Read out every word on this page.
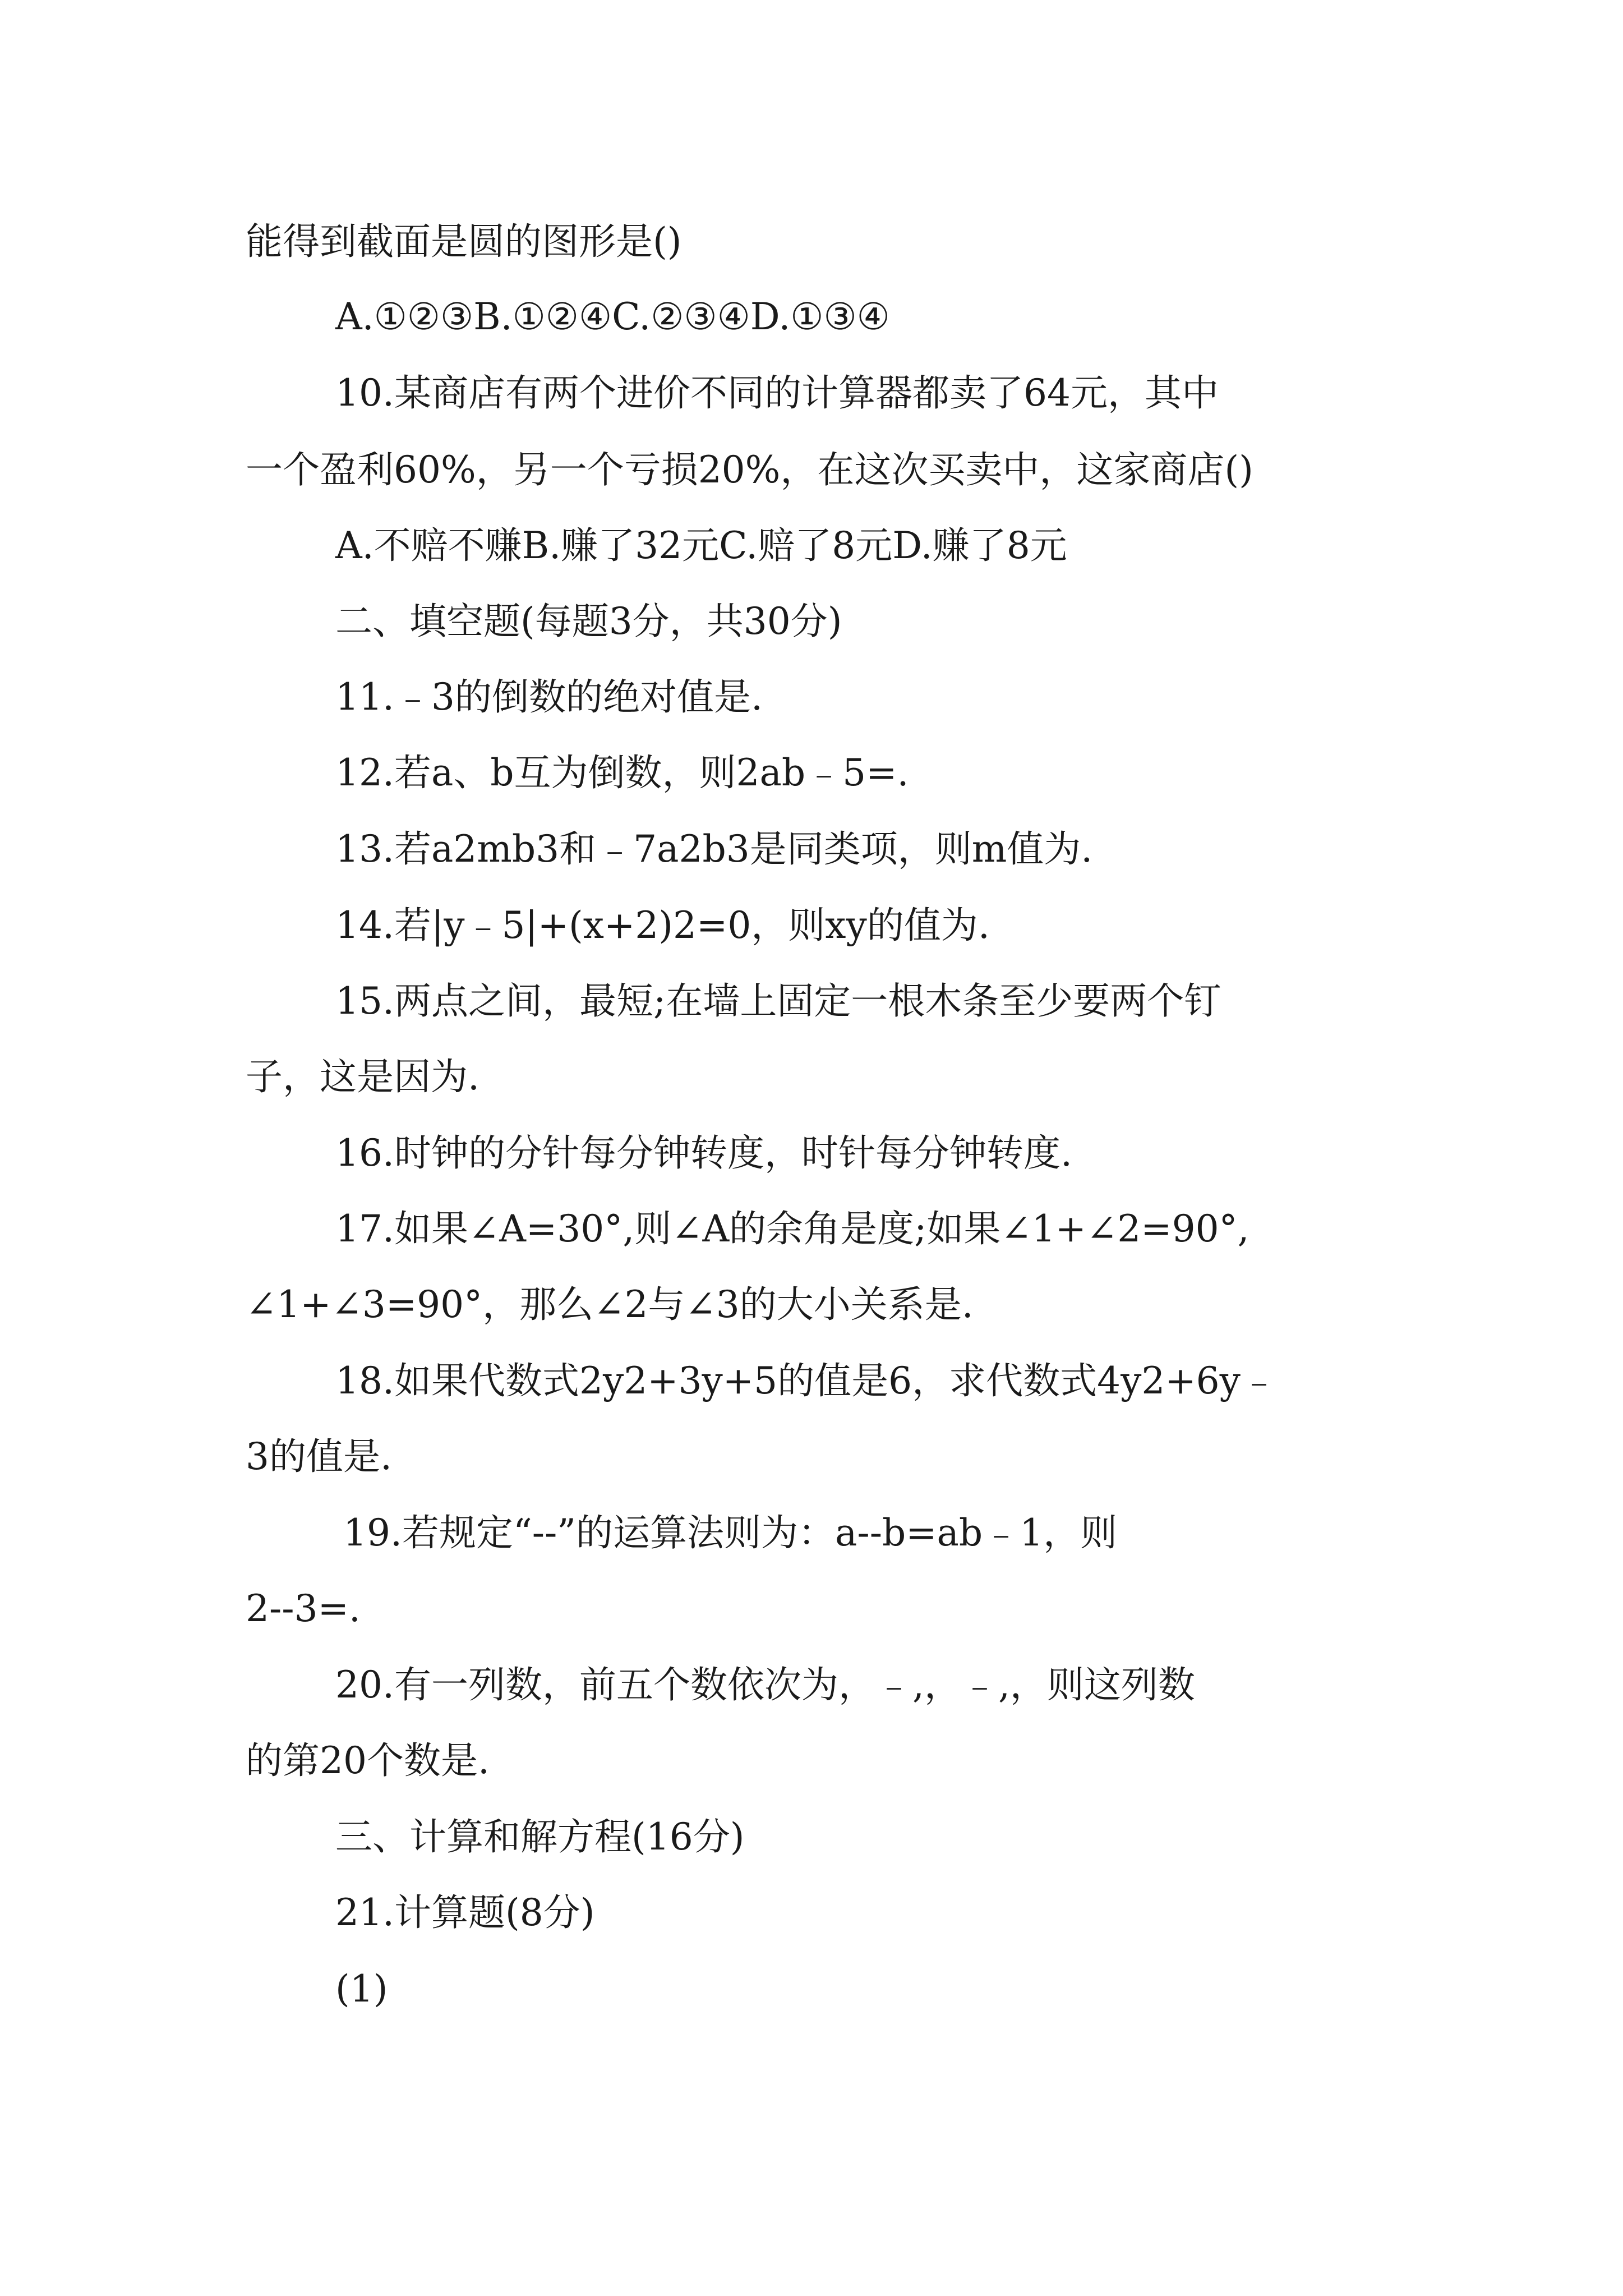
能得到截面是圆的图形是()
A.①②③B.①②④C.②③④D.①③④
10.某商店有两个进价不同的计算器都卖了64元，其中
一个盈利60%，另一个亏损20%，在这次买卖中，这家商店()
A.不赔不赚B.赚了32元C.赔了8元D.赚了8元
二、填空题(每题3分，共30分)
11.﹣3的倒数的绝对值是.
12.若a、b互为倒数，则2ab﹣5=.
13.若a2mb3和﹣7a2b3是同类项，则m值为.
14.若|y﹣5|+(x+2)2=0，则xy的值为.
15.两点之间，最短;在墙上固定一根木条至少要两个钉
子，这是因为.
16.时钟的分针每分钟转度，时针每分钟转度.
17.如果∠A=30°,则∠A的余角是度;如果∠1+∠2=90°,
∠1+∠3=90°，那么∠2与∠3的大小关系是.
18.如果代数式2y2+3y+5的值是6，求代数式4y2+6y﹣
3的值是.
19.若规定“--”的运算法则为：a--b=ab﹣1，则
2--3=.
20.有一列数，前五个数依次为，﹣,，﹣,，则这列数
的第20个数是.
三、计算和解方程(16分)
21.计算题(8分)
(1)
